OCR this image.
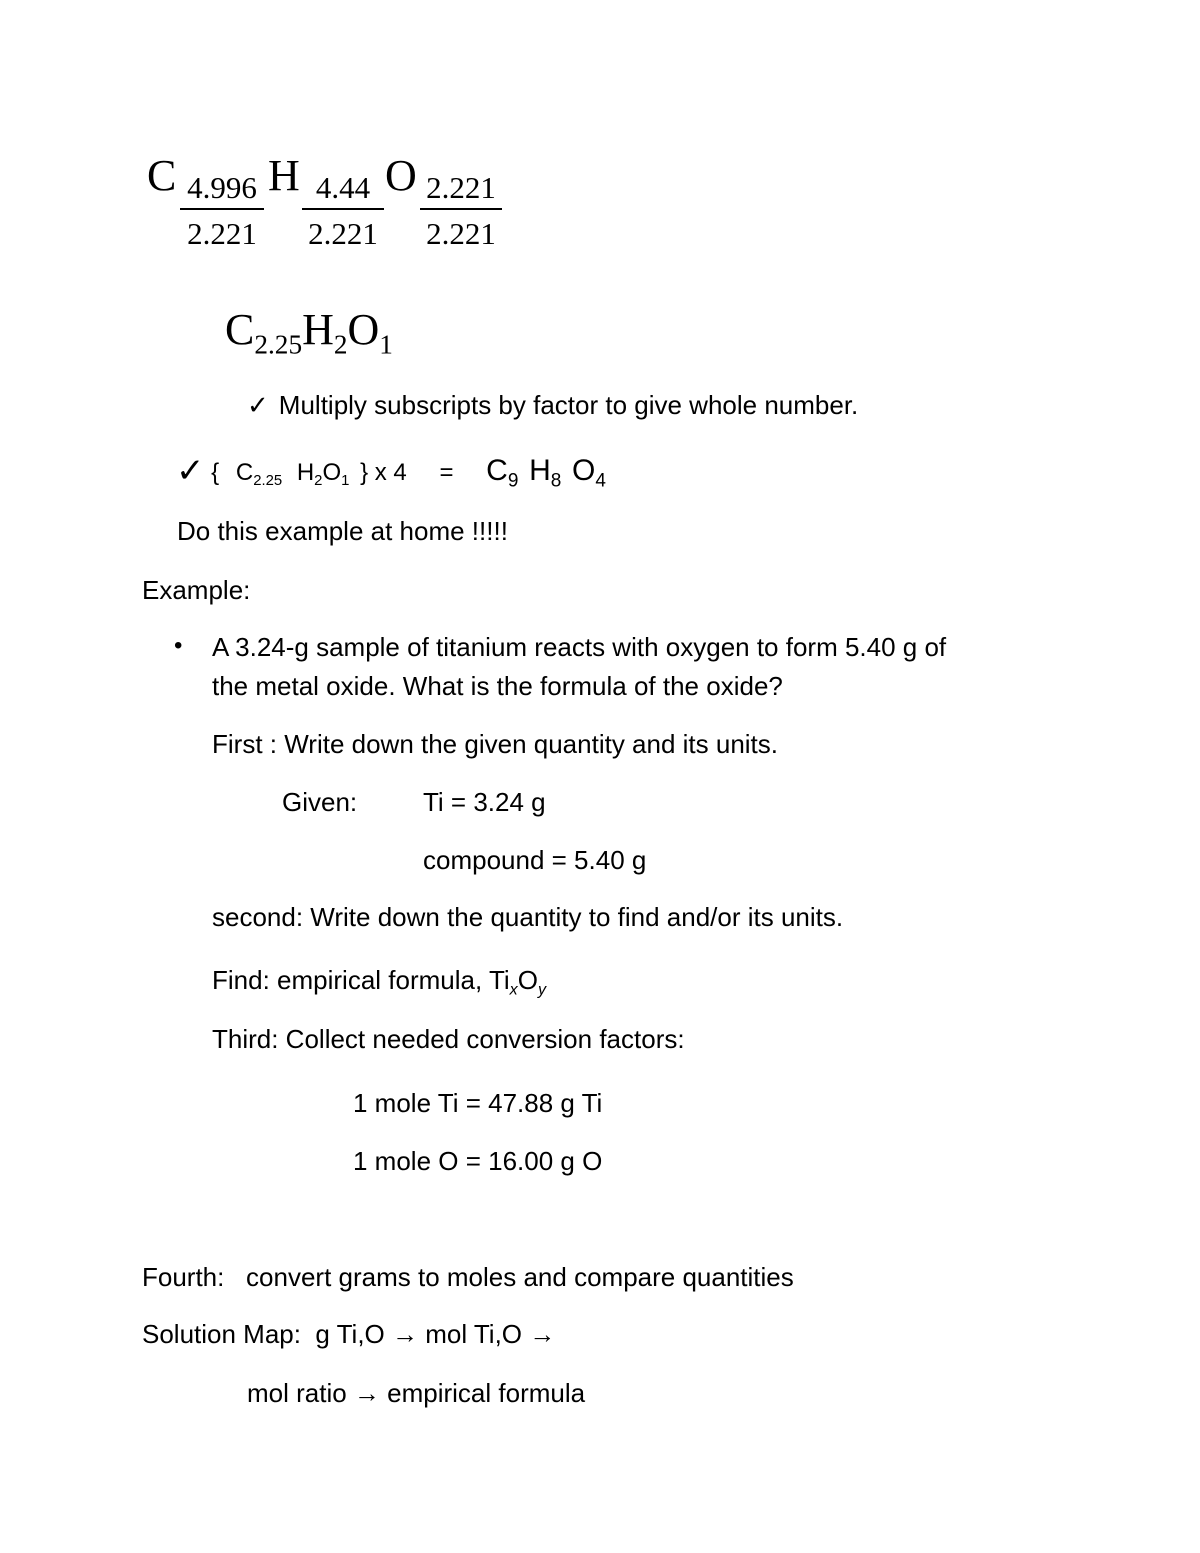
C 4.996
2.221
H 4.44
2.221
O 2.221
2.221
$C_{2.25}H_2O_1$
✓ Multiply subscripts by factor to give whole number.
✓ { $C_{2.25}$ $H_2O_1$ } x $4 = C_9$ $H_8$ $O_4$
Do this example at home !!!!!
Example:
• A 3.24-g sample of titanium reacts with oxygen to form 5.40 g of
the metal oxide. What is the formula of the oxide?
First : Write down the given quantity and its units.
Given:	Ti = 3.24 g
compound = 5.40 g
second: Write down the quantity to find and/or its units.
Find: empirical formula, $Ti_xO_y$
Third: Collect needed conversion factors:
1 mole Ti = 47.88 g Ti
1 mole O = 16.00 g O
Fourth:   convert grams to moles and compare quantities
Solution Map:  g Ti,O → mol Ti,O →
mol ratio → empirical formula
